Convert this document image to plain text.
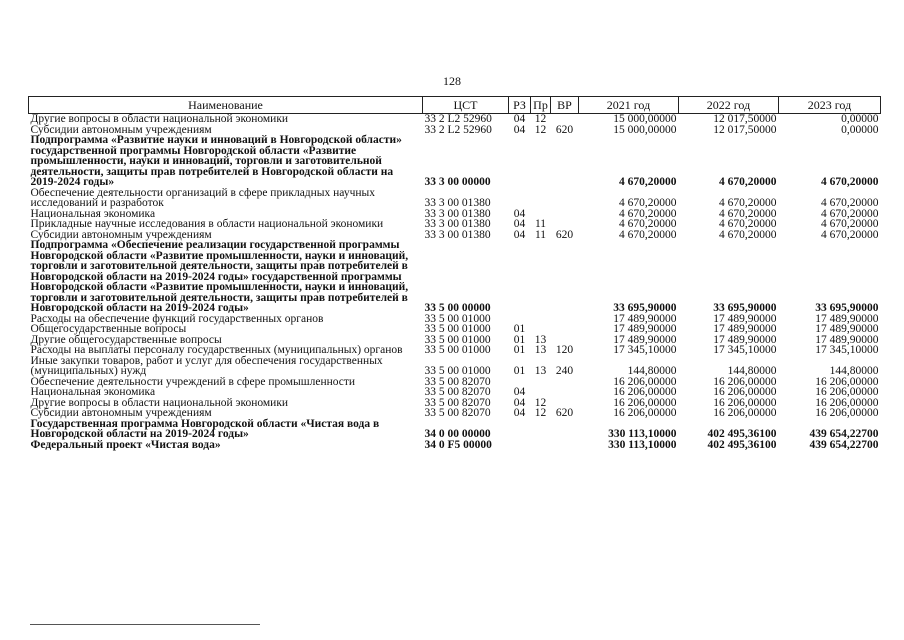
128
Наименование	ЦСТ	РЗ	Пр	ВР	2021 год	2022 год	2023 год
Другие вопросы в области национальной экономики	33 2 L2 52960	04	12		15 000,00000	12 017,50000	0,00000
Субсидии автономным учреждениям	33 2 L2 52960	04	12	620	15 000,00000	12 017,50000	0,00000
Подпрограмма «Развитие науки и инноваций в Новгородской области» государственной программы Новгородской области «Развитие промышленности, науки и инноваций, торговли и заготовительной деятельности, защиты прав потребителей в Новгородской области на 2019-2024 годы»	33 3 00 00000				4 670,20000	4 670,20000	4 670,20000
Обеспечение деятельности организаций в сфере прикладных научных исследований и разработок	33 3 00 01380				4 670,20000	4 670,20000	4 670,20000
Национальная экономика	33 3 00 01380	04			4 670,20000	4 670,20000	4 670,20000
Прикладные научные исследования в области национальной экономики	33 3 00 01380	04	11		4 670,20000	4 670,20000	4 670,20000
Субсидии автономным учреждениям	33 3 00 01380	04	11	620	4 670,20000	4 670,20000	4 670,20000
Подпрограмма «Обеспечение реализации государственной программы Новгородской области «Развитие промышленности, науки и инноваций, торговли и заготовительной деятельности, защиты прав потребителей в Новгородской области на 2019-2024 годы» государственной программы Новгородской области «Развитие промышленности, науки и инноваций, торговли и заготовительной деятельности, защиты прав потребителей в Новгородской области на 2019-2024 годы»	33 5 00 00000				33 695,90000	33 695,90000	33 695,90000
Расходы на обеспечение функций государственных органов	33 5 00 01000				17 489,90000	17 489,90000	17 489,90000
Общегосударственные вопросы	33 5 00 01000	01			17 489,90000	17 489,90000	17 489,90000
Другие общегосударственные вопросы	33 5 00 01000	01	13		17 489,90000	17 489,90000	17 489,90000
Расходы на выплаты персоналу государственных (муниципальных) органов	33 5 00 01000	01	13	120	17 345,10000	17 345,10000	17 345,10000
Иные закупки товаров, работ и услуг для обеспечения государственных (муниципальных) нужд	33 5 00 01000	01	13	240	144,80000	144,80000	144,80000
Обеспечение деятельности учреждений в сфере промышленности	33 5 00 82070				16 206,00000	16 206,00000	16 206,00000
Национальная экономика	33 5 00 82070	04			16 206,00000	16 206,00000	16 206,00000
Другие вопросы в области национальной экономики	33 5 00 82070	04	12		16 206,00000	16 206,00000	16 206,00000
Субсидии автономным учреждениям	33 5 00 82070	04	12	620	16 206,00000	16 206,00000	16 206,00000
Государственная программа Новгородской области «Чистая вода в Новгородской области на 2019-2024 годы»	34 0 00 00000				330 113,10000	402 495,36100	439 654,22700
Федеральный проект «Чистая вода»	34 0 F5 00000				330 113,10000	402 495,36100	439 654,22700
